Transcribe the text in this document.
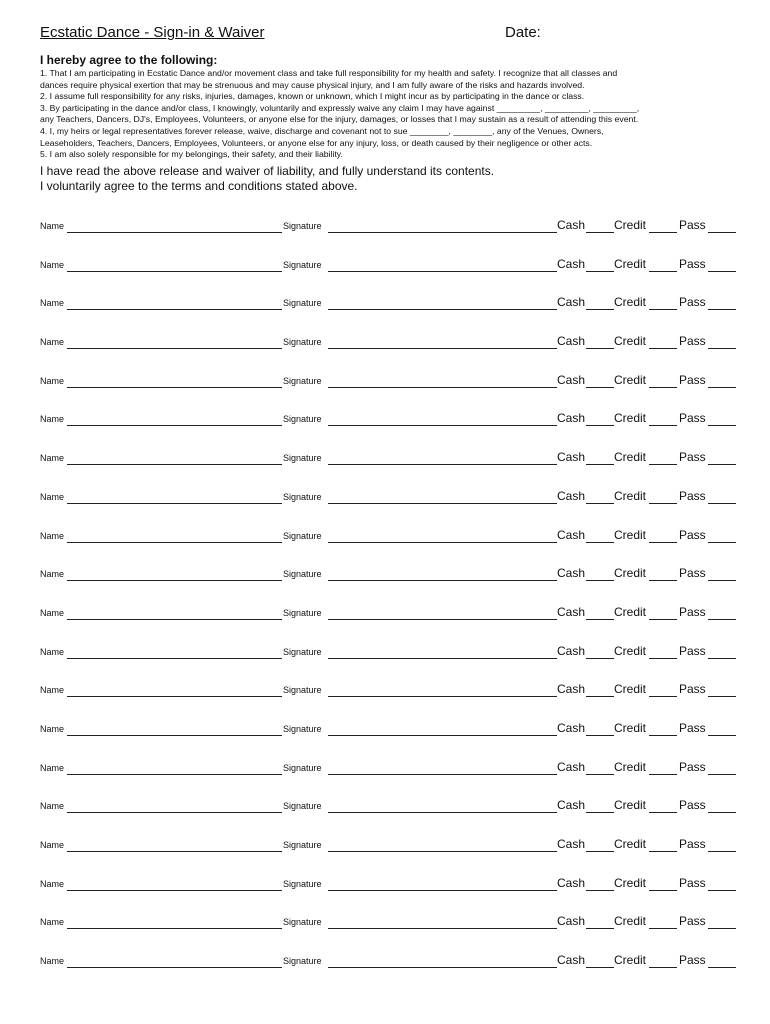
Ecstatic Dance - Sign-in & Waiver	Date:
I hereby agree to the following:
1. That I am participating in Ecstatic Dance and/or movement class and take full responsibility for my health and safety. I recognize that all classes and
dances require physical exertion that may be strenuous and may cause physical injury, and I am fully aware of the risks and hazards involved.
2. I assume full responsibility for any risks, injuries, damages, known or unknown, which I might incur as by participating in the dance or class.
3. By participating in the dance and/or class, I knowingly, voluntarily and expressly waive any claim I may have against _________, _________, _________,
any Teachers, Dancers, DJ's, Employees, Volunteers, or anyone else for the injury, damages, or losses that I may sustain as a result of attending this event.
4. I, my heirs or legal representatives forever release, waive, discharge and covenant not to sue ________, ________, any of the Venues, Owners,
Leaseholders, Teachers, Dancers, Employees, Volunteers, or anyone else for any injury, loss, or death caused by their negligence or other acts.
5. I am also solely responsible for my belongings, their safety, and their liability.
I have read the above release and waiver of liability, and fully understand its contents.
I voluntarily agree to the terms and conditions stated above.
Name	Signature	Cash Credit	Pass
Name	Signature	Cash Credit	Pass
Name	Signature	Cash Credit	Pass
Name	Signature	Cash Credit	Pass
Name	Signature	Cash Credit	Pass
Name	Signature	Cash Credit	Pass
Name	Signature	Cash Credit	Pass
Name	Signature	Cash Credit	Pass
Name	Signature	Cash Credit	Pass
Name	Signature	Cash Credit	Pass
Name	Signature	Cash Credit	Pass
Name	Signature	Cash Credit	Pass
Name	Signature	Cash Credit	Pass
Name	Signature	Cash Credit	Pass
Name	Signature	Cash Credit	Pass
Name	Signature	Cash Credit	Pass
Name	Signature	Cash Credit	Pass
Name	Signature	Cash Credit	Pass
Name	Signature	Cash Credit	Pass
Name	Signature	Cash Credit	Pass
